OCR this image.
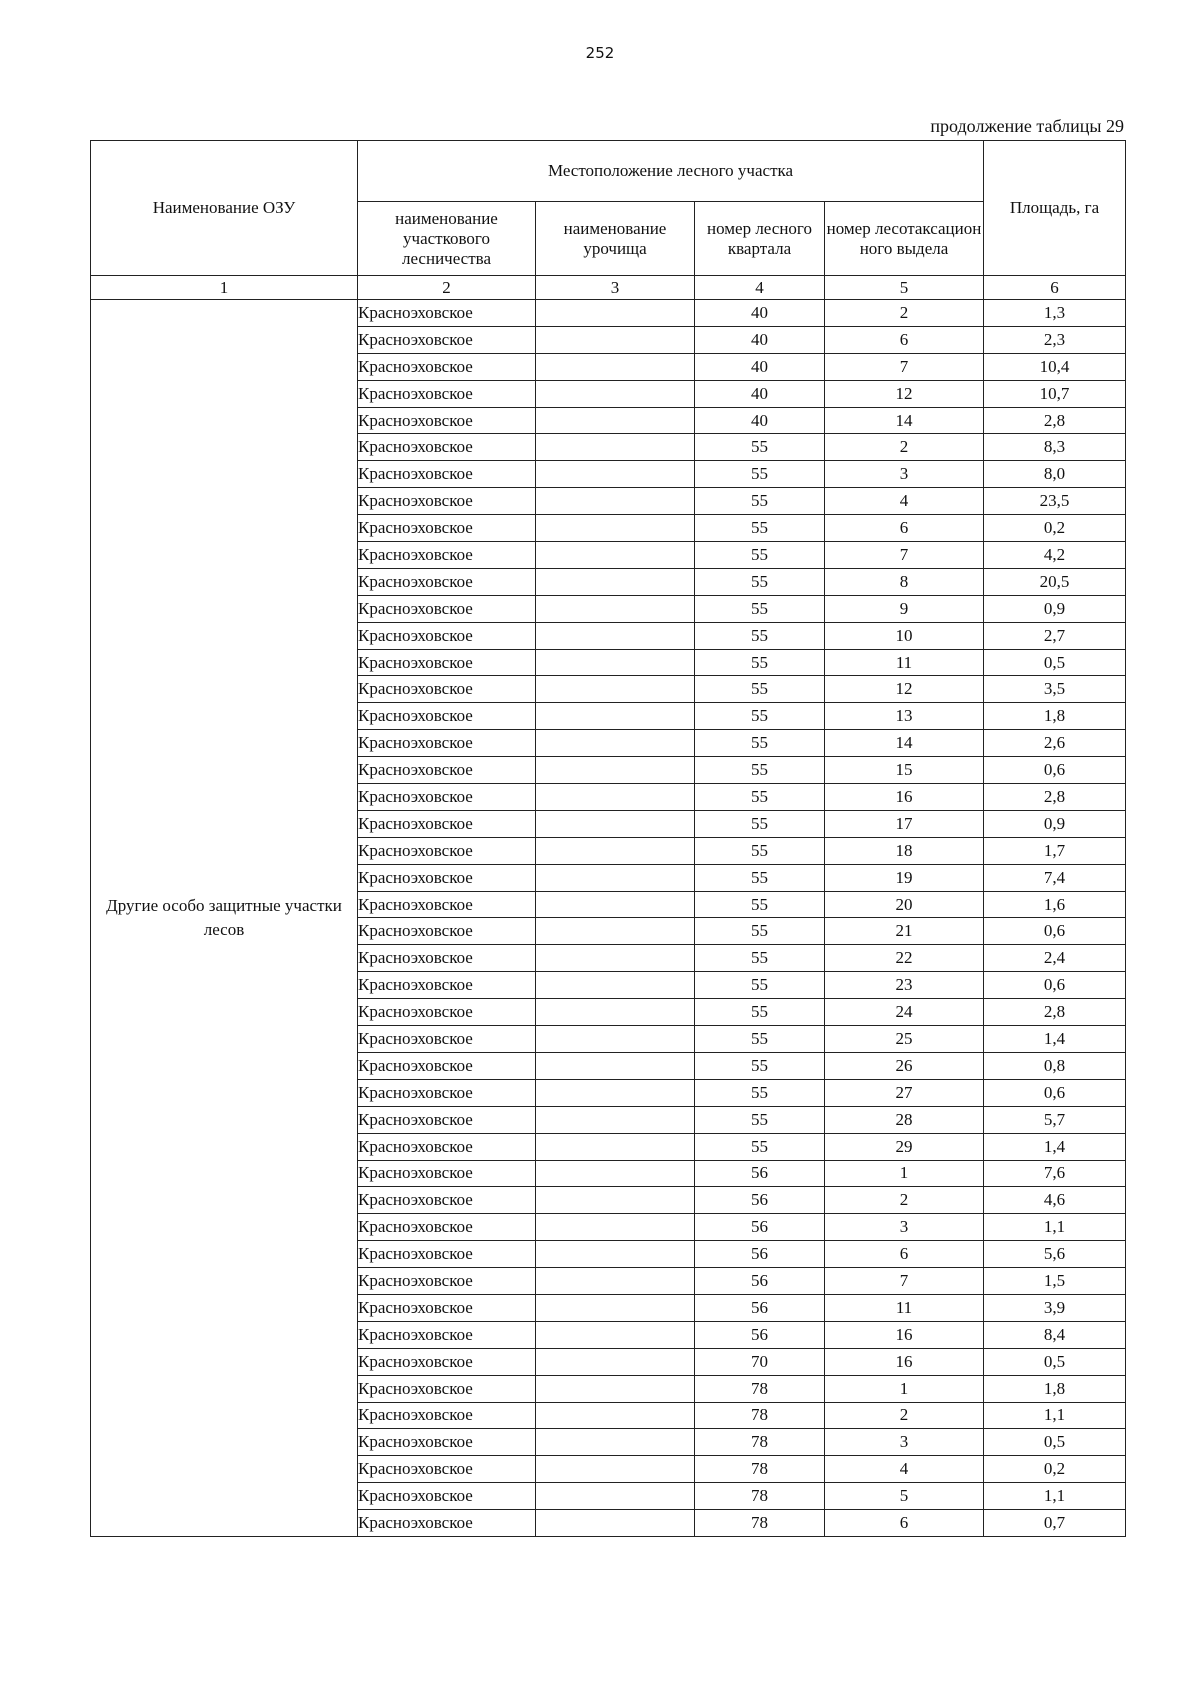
252
продолжение таблицы 29
Наименование ОЗУ	Местоположение лесного участка				Площадь, га
	наименование участкового лесничества	наименование урочища	номер лесного квартала	номер лесотаксацион ного выдела	
1	2	3	4	5	6
Другие особо защитные участки лесов	Красноэховское		40	2	1,3
	Красноэховское		40	6	2,3
	Красноэховское		40	7	10,4
	Красноэховское		40	12	10,7
	Красноэховское		40	14	2,8
	Красноэховское		55	2	8,3
	Красноэховское		55	3	8,0
	Красноэховское		55	4	23,5
	Красноэховское		55	6	0,2
	Красноэховское		55	7	4,2
	Красноэховское		55	8	20,5
	Красноэховское		55	9	0,9
	Красноэховское		55	10	2,7
	Красноэховское		55	11	0,5
	Красноэховское		55	12	3,5
	Красноэховское		55	13	1,8
	Красноэховское		55	14	2,6
	Красноэховское		55	15	0,6
	Красноэховское		55	16	2,8
	Красноэховское		55	17	0,9
	Красноэховское		55	18	1,7
	Красноэховское		55	19	7,4
	Красноэховское		55	20	1,6
	Красноэховское		55	21	0,6
	Красноэховское		55	22	2,4
	Красноэховское		55	23	0,6
	Красноэховское		55	24	2,8
	Красноэховское		55	25	1,4
	Красноэховское		55	26	0,8
	Красноэховское		55	27	0,6
	Красноэховское		55	28	5,7
	Красноэховское		55	29	1,4
	Красноэховское		56	1	7,6
	Красноэховское		56	2	4,6
	Красноэховское		56	3	1,1
	Красноэховское		56	6	5,6
	Красноэховское		56	7	1,5
	Красноэховское		56	11	3,9
	Красноэховское		56	16	8,4
	Красноэховское		70	16	0,5
	Красноэховское		78	1	1,8
	Красноэховское		78	2	1,1
	Красноэховское		78	3	0,5
	Красноэховское		78	4	0,2
	Красноэховское		78	5	1,1
	Красноэховское		78	6	0,7
